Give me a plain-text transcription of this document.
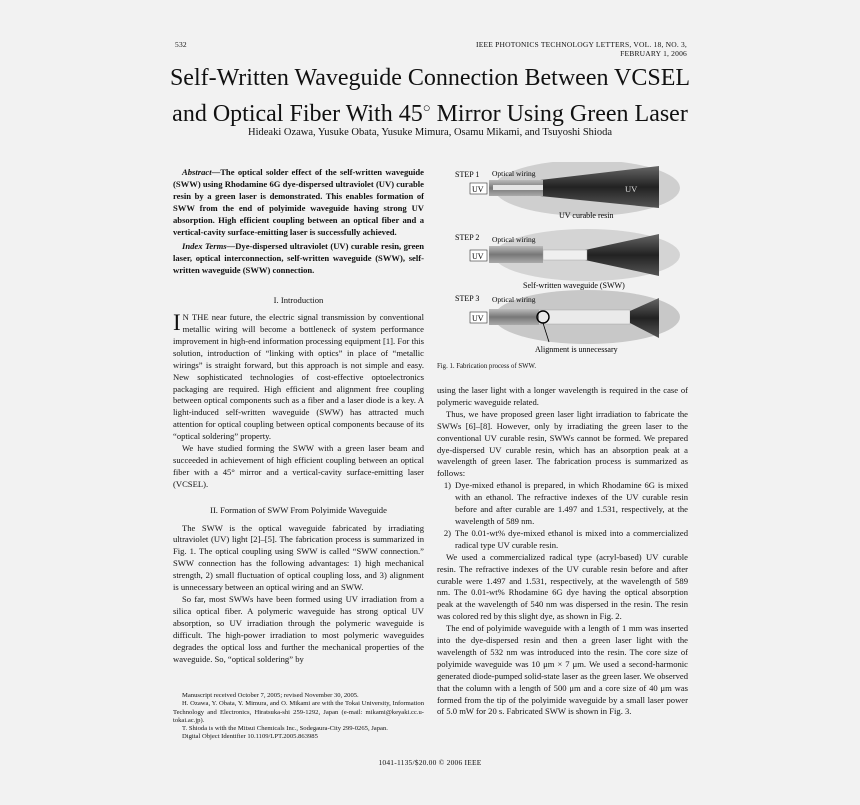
532	IEEE PHOTONICS TECHNOLOGY LETTERS, VOL. 18, NO. 3, FEBRUARY 1, 2006
Self-Written Waveguide Connection Between VCSEL
and Optical Fiber With 45○ Mirror Using Green Laser
Hideaki Ozawa, Yusuke Obata, Yusuke Mimura, Osamu Mikami, and Tsuyoshi Shioda

Abstract—The optical solder effect of the self-written waveguide (SWW) using Rhodamine 6G dye-dispersed ultraviolet (UV) curable resin by a green laser is demonstrated. This enables formation of SWW from the end of polyimide waveguide having strong UV absorption. High efficient coupling between an optical fiber and a vertical-cavity surface-emitting laser is successfully achieved.

Index Terms—Dye-dispersed ultraviolet (UV) curable resin, green laser, optical interconnection, self-written waveguide (SWW), self-written waveguide (SWW) connection.

I. Introduction

I N THE near future, the electric signal transmission by conventional metallic wiring will become a bottleneck of system performance improvement in high-end information processing equipment [1]. For this solution, introduction of “linking with optics” in place of “metallic wirings” is straight forward, but this approach is not simple and easy. New sophisticated technologies of cost-effective optoelectronics packaging are required. High efficient and alignment free coupling between optical components such as a fiber and a laser diode is a key. A light-induced self-written waveguide (SWW) has attracted much attention for optical coupling between optical components because of its “optical soldering” property.

We have studied forming the SWW with a green laser beam and succeeded in achievement of high efficient coupling between an optical fiber with a 45° mirror and a vertical-cavity surface-emitting laser (VCSEL).

II. Formation of SWW From Polyimide Waveguide

The SWW is the optical waveguide fabricated by irradiating ultraviolet (UV) light [2]–[5]. The fabrication process is summarized in Fig. 1. The optical coupling using SWW is called “SWW connection.” SWW connection has the following advantages: 1) high mechanical strength, 2) small fluctuation of optical coupling loss, and 3) alignment is unnecessary between an optical wiring and an SWW.

So far, most SWWs have been formed using UV irradiation from a silica optical fiber. A polymeric waveguide has strong optical UV absorption, so UV irradiation through the polymeric waveguide is difficult. The high-power irradiation to most polymeric waveguides degrades the optical loss and further the mechanical properties of the waveguide. So, “optical soldering” by

Manuscript received October 7, 2005; revised November 30, 2005.
H. Ozawa, Y. Obata, Y. Mimura, and O. Mikami are with the Tokai University, Information Technology and Electronics, Hiratsuka-shi 259-1292, Japan (e-mail: mikami@keyaki.cc.u-tokai.ac.jp).
T. Shioda is with the Mitsui Chemicals Inc., Sodegaura-City 299-0265, Japan.
Digital Object Identifier 10.1109/LPT.2005.863985
STEP 1 Optical wiring
UV	UV
UV curable resin
STEP 2 Optical wiring
UV
Self-written waveguide (SWW)
STEP 3 Optical wiring
UV
Alignment is unnecessary
Fig. 1. Fabrication process of SWW.

using the laser light with a longer wavelength is required in the case of polymeric waveguide related.

Thus, we have proposed green laser light irradiation to fabricate the SWWs [6]–[8]. However, only by irradiating the green laser to the conventional UV curable resin, SWWs cannot be formed. We prepared dye-dispersed UV curable resin, which has an absorption peak at a wavelength of green laser. The fabrication process is summarized as follows:

1) Dye-mixed ethanol is prepared, in which Rhodamine 6G is mixed with an ethanol. The refractive indexes of the UV curable resin before and after curable are 1.497 and 1.531, respectively, at the wavelength of 589 nm.
2) The 0.01-wt% dye-mixed ethanol is mixed into a commercialized radical type UV curable resin.

We used a commercialized radical type (acryl-based) UV curable resin. The refractive indexes of the UV curable resin before and after curable were 1.497 and 1.531, respectively, at the wavelength of 589 nm. The 0.01-wt% Rhodamine 6G dye having the optical absorption peak at the wavelength of 540 nm was dispersed in the resin. The resin was colored red by this slight dye, as shown in Fig. 2.

The end of polyimide waveguide with a length of 1 mm was inserted into the dye-dispersed resin and then a green laser light with the wavelength of 532 nm was introduced into the resin. The core size of polyimide waveguide was 10 μm × 7 μm. We used a second-harmonic generated diode-pumped solid-state laser as the green laser. We observed that the column with a length of 500 μm and a core size of 40 μm was formed from the tip of the polyimide waveguide by a small laser power of 5.0 mW for 20 s. Fabricated SWW is shown in Fig. 3.

1041-1135/$20.00 © 2006 IEEE
